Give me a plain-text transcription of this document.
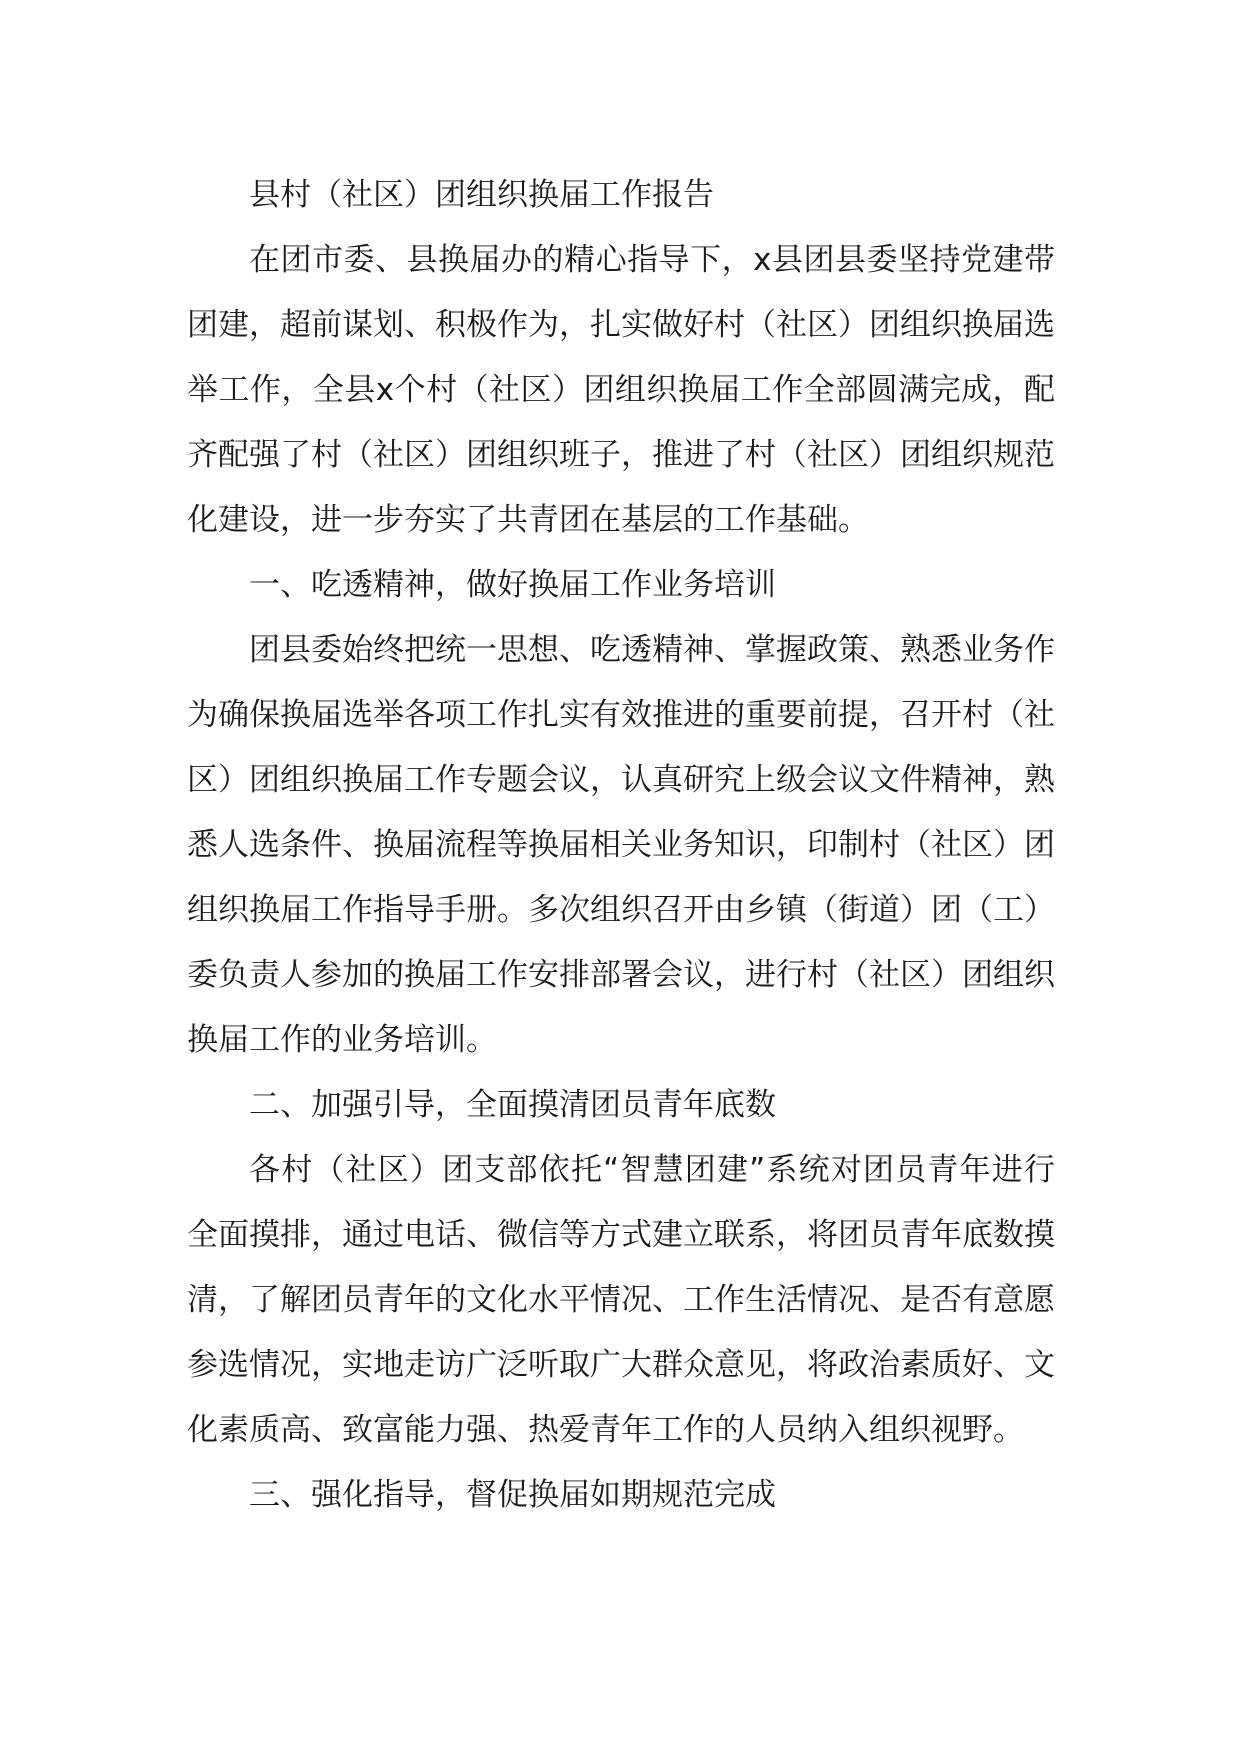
县村（社区）团组织换届工作报告

在团市委、县换届办的精心指导下，x县团县委坚持党建带团建，超前谋划、积极作为，扎实做好村（社区）团组织换届选举工作，全县x个村（社区）团组织换届工作全部圆满完成，配齐配强了村（社区）团组织班子，推进了村（社区）团组织规范化建设，进一步夯实了共青团在基层的工作基础。

一、吃透精神，做好换届工作业务培训

团县委始终把统一思想、吃透精神、掌握政策、熟悉业务作为确保换届选举各项工作扎实有效推进的重要前提，召开村（社区）团组织换届工作专题会议，认真研究上级会议文件精神，熟悉人选条件、换届流程等换届相关业务知识，印制村（社区）团组织换届工作指导手册。多次组织召开由乡镇（街道）团（工）委负责人参加的换届工作安排部署会议，进行村（社区）团组织换届工作的业务培训。

二、加强引导，全面摸清团员青年底数

各村（社区）团支部依托“智慧团建”系统对团员青年进行全面摸排，通过电话、微信等方式建立联系，将团员青年底数摸清，了解团员青年的文化水平情况、工作生活情况、是否有意愿参选情况，实地走访广泛听取广大群众意见，将政治素质好、文化素质高、致富能力强、热爱青年工作的人员纳入组织视野。

三、强化指导，督促换届如期规范完成
